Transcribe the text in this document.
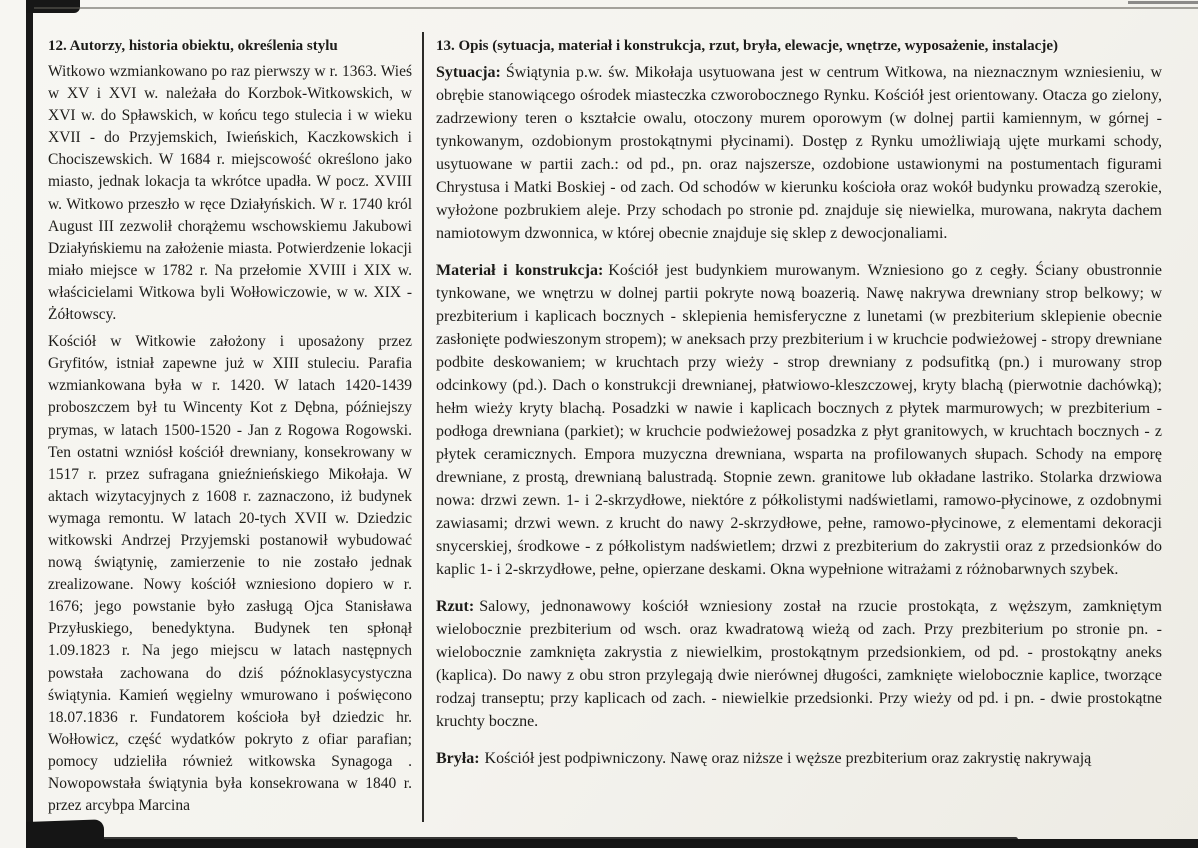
12. Autorzy, historia obiektu, określenia stylu

Witkowo wzmiankowano po raz pierwszy w r. 1363. Wieś w XV i XVI w. należała do Korzbok-Witkowskich, w XVI w. do Spławskich, w końcu tego stulecia i w wieku XVII - do Przyjemskich, Iwieńskich, Kaczkowskich i Chociszewskich. W 1684 r. miejscowość określono jako miasto, jednak lokacja ta wkrótce upadła. W pocz. XVIII w. Witkowo przeszło w ręce Działyńskich. W r. 1740 król August III zezwolił chorążemu wschowskiemu Jakubowi Działyńskiemu na założenie miasta. Potwierdzenie lokacji miało miejsce w 1782 r. Na przełomie XVIII i XIX w. właścicielami Witkowa byli Wołłowiczowie, w w. XIX - Żółtowscy.

Kościół w Witkowie założony i uposażony przez Gryfitów, istniał zapewne już w XIII stuleciu. Parafia wzmiankowana była w r. 1420. W latach 1420-1439 proboszczem był tu Wincenty Kot z Dębna, późniejszy prymas, w latach 1500-1520 - Jan z Rogowa Rogowski. Ten ostatni wzniósł kościół drewniany, konsekrowany w 1517 r. przez sufragana gnieźnieńskiego Mikołaja. W aktach wizytacyjnych z 1608 r. zaznaczono, iż budynek wymaga remontu. W latach 20-tych XVII w. Dziedzic witkowski Andrzej Przyjemski postanowił wybudować nową świątynię, zamierzenie to nie zostało jednak zrealizowane. Nowy kościół wzniesiono dopiero w r. 1676; jego powstanie było zasługą Ojca Stanisława Przyłuskiego, benedyktyna. Budynek ten spłonął 1.09.1823 r. Na jego miejscu w latach następnych powstała zachowana do dziś późnoklasycystyczna świątynia. Kamień węgielny wmurowano i poświęcono 18.07.1836 r. Fundatorem kościoła był dziedzic hr. Wołłowicz, część wydatków pokryto z ofiar parafian; pomocy udzieliła również witkowska Synagoga . Nowopowstała świątynia była konsekrowana w 1840 r. przez arcybpa Marcina

13. Opis (sytuacja, materiał i konstrukcja, rzut, bryła, elewacje, wnętrze, wyposażenie, instalacje)

Sytuacja: Świątynia p.w. św. Mikołaja usytuowana jest w centrum Witkowa, na nieznacznym wzniesieniu, w obrębie stanowiącego ośrodek miasteczka czworobocznego Rynku. Kościół jest orientowany. Otacza go zielony, zadrzewiony teren o kształcie owalu, otoczony murem oporowym (w dolnej partii kamiennym, w górnej - tynkowanym, ozdobionym prostokątnymi płycinami). Dostęp z Rynku umożliwiają ujęte murkami schody, usytuowane w partii zach.: od pd., pn. oraz najszersze, ozdobione ustawionymi na postumentach figurami Chrystusa i Matki Boskiej - od zach. Od schodów w kierunku kościoła oraz wokół budynku prowadzą szerokie, wyłożone pozbrukiem aleje. Przy schodach po stronie pd. znajduje się niewielka, murowana, nakryta dachem namiotowym dzwonnica, w której obecnie znajduje się sklep z dewocjonaliami.

Materiał i konstrukcja: Kościół jest budynkiem murowanym. Wzniesiono go z cegły. Ściany obustronnie tynkowane, we wnętrzu w dolnej partii pokryte nową boazerią. Nawę nakrywa drewniany strop belkowy; w prezbiterium i kaplicach bocznych - sklepienia hemisferyczne z lunetami (w prezbiterium sklepienie obecnie zasłonięte podwieszonym stropem); w aneksach przy prezbiterium i w kruchcie podwieżowej - stropy drewniane podbite deskowaniem; w kruchtach przy wieży - strop drewniany z podsufitką (pn.) i murowany strop odcinkowy (pd.). Dach o konstrukcji drewnianej, płatwiowo-kleszczowej, kryty blachą (pierwotnie dachówką); hełm wieży kryty blachą. Posadzki w nawie i kaplicach bocznych z płytek marmurowych; w prezbiterium - podłoga drewniana (parkiet); w kruchcie podwieżowej posadzka z płyt granitowych, w kruchtach bocznych - z płytek ceramicznych. Empora muzyczna drewniana, wsparta na profilowanych słupach. Schody na emporę drewniane, z prostą, drewnianą balustradą. Stopnie zewn. granitowe lub okładane lastriko. Stolarka drzwiowa nowa: drzwi zewn. 1- i 2-skrzydłowe, niektóre z półkolistymi nadświetlami, ramowo-płycinowe, z ozdobnymi zawiasami; drzwi wewn. z krucht do nawy 2-skrzydłowe, pełne, ramowo-płycinowe, z elementami dekoracji snycerskiej, środkowe - z półkolistym nadświetlem; drzwi z prezbiterium do zakrystii oraz z przedsionków do kaplic 1- i 2-skrzydłowe, pełne, opierzane deskami. Okna wypełnione witrażami z różnobarwnych szybek.

Rzut: Salowy, jednonawowy kościół wzniesiony został na rzucie prostokąta, z węższym, zamkniętym wielobocznie prezbiterium od wsch. oraz kwadratową wieżą od zach. Przy prezbiterium po stronie pn. - wielobocznie zamknięta zakrystia z niewielkim, prostokątnym przedsionkiem, od pd. - prostokątny aneks (kaplica). Do nawy z obu stron przylegają dwie nierównej długości, zamknięte wielobocznie kaplice, tworzące rodzaj transeptu; przy kaplicach od zach. - niewielkie przedsionki. Przy wieży od pd. i pn. - dwie prostokątne kruchty boczne.

Bryła: Kościół jest podpiwniczony. Nawę oraz niższe i węższe prezbiterium oraz zakrystię nakrywają
